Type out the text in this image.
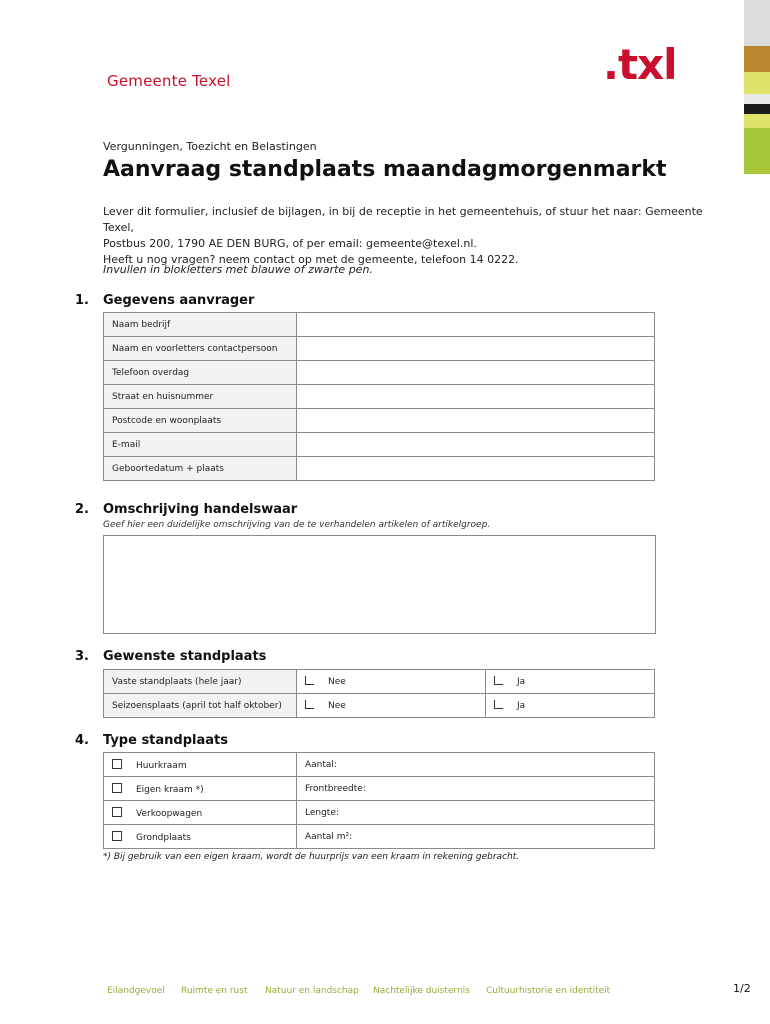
Gemeente Texel	.txl
Vergunningen, Toezicht en Belastingen
Aanvraag standplaats maandagmorgenmarkt
Lever dit formulier, inclusief de bijlagen, in bij de receptie in het gemeentehuis, of stuur het naar: Gemeente Texel,
Postbus 200, 1790 AE DEN BURG, of per email: gemeente@texel.nl.
Heeft u nog vragen? neem contact op met de gemeente, telefoon 14 0222.
Invullen in blokletters met blauwe of zwarte pen.
1. Gegevens aanvrager
Naam bedrijf	
Naam en voorletters contactpersoon	
Telefoon overdag	
Straat en huisnummer	
Postcode en woonplaats	
E-mail	
Geboortedatum + plaats	
2. Omschrijving handelswaar
Geef hier een duidelijke omschrijving van de te verhandelen artikelen of artikelgroep.
3. Gewenste standplaats
Vaste standplaats (hele jaar)	Nee	Ja
Seizoensplaats (april tot half oktober)	Nee	Ja
4. Type standplaats
Huurkraam	Aantal:
Eigen kraam *)	Frontbreedte:
Verkoopwagen	Lengte:
Grondplaats	Aantal m²:
*) Bij gebruik van een eigen kraam, wordt de huurprijs van een kraam in rekening gebracht.
Eilandgevoel Ruimte en rust Natuur en landschap Nachtelijke duisternis Cultuurhistorie en identiteit	1/2
